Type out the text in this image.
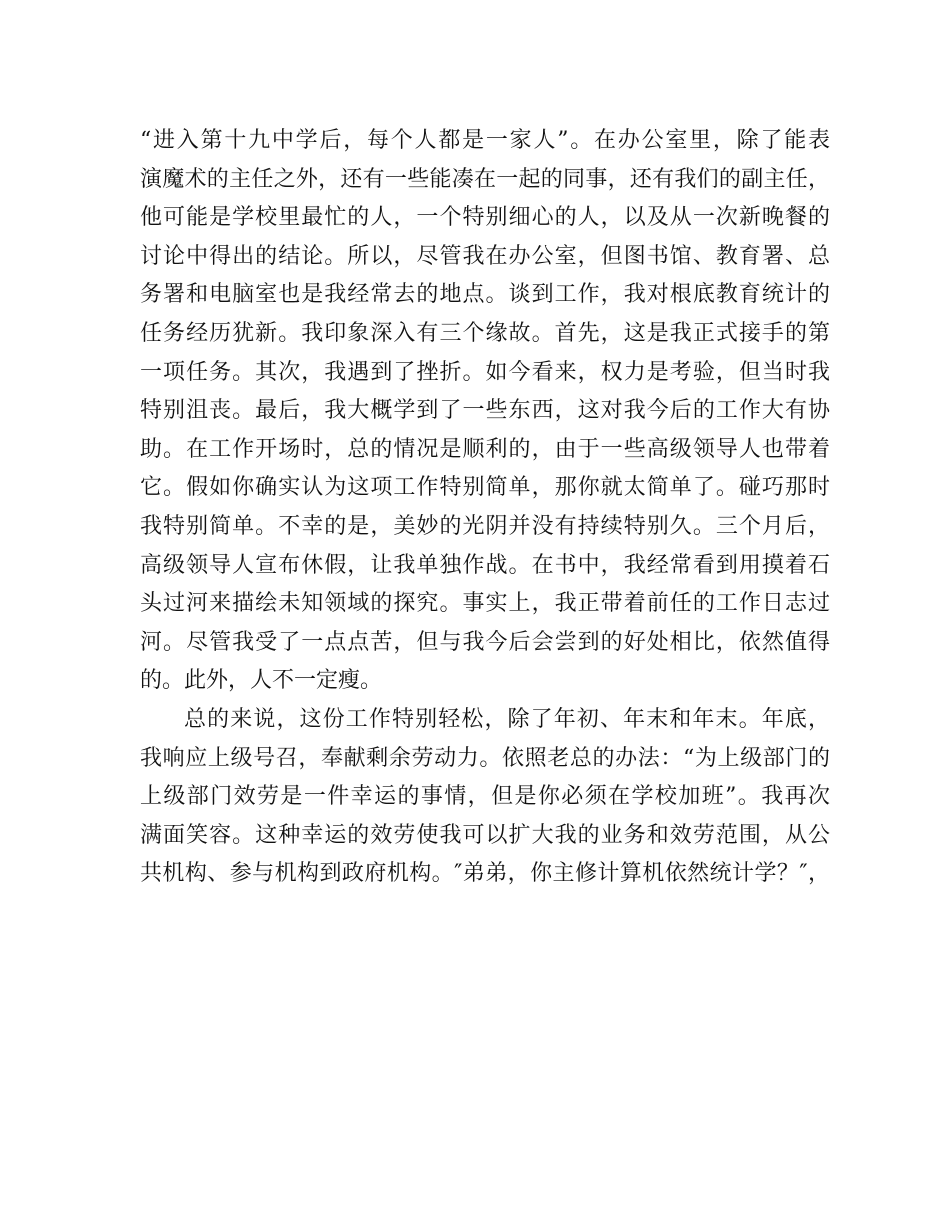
“进入第十九中学后，每个人都是一家人”。在办公室里，除了能表
演魔术的主任之外，还有一些能凑在一起的同事，还有我们的副主任，
他可能是学校里最忙的人，一个特别细心的人，以及从一次新晚餐的
讨论中得出的结论。所以，尽管我在办公室，但图书馆、教育署、总
务署和电脑室也是我经常去的地点。谈到工作，我对根底教育统计的
任务经历犹新。我印象深入有三个缘故。首先，这是我正式接手的第
一项任务。其次，我遇到了挫折。如今看来，权力是考验，但当时我
特别沮丧。最后，我大概学到了一些东西，这对我今后的工作大有协
助。在工作开场时，总的情况是顺利的，由于一些高级领导人也带着
它。假如你确实认为这项工作特别简单，那你就太简单了。碰巧那时
我特别简单。不幸的是，美妙的光阴并没有持续特别久。三个月后，
高级领导人宣布休假，让我单独作战。在书中，我经常看到用摸着石
头过河来描绘未知领域的探究。事实上，我正带着前任的工作日志过
河。尽管我受了一点点苦，但与我今后会尝到的好处相比，依然值得
的。此外，人不一定瘦。
总的来说，这份工作特别轻松，除了年初、年末和年末。年底，
我响应上级号召，奉献剩余劳动力。依照老总的办法：“为上级部门的
上级部门效劳是一件幸运的事情，但是你必须在学校加班”。我再次
满面笑容。这种幸运的效劳使我可以扩大我的业务和效劳范围，从公
共机构、参与机构到政府机构。″弟弟，你主修计算机依然统计学？″，
